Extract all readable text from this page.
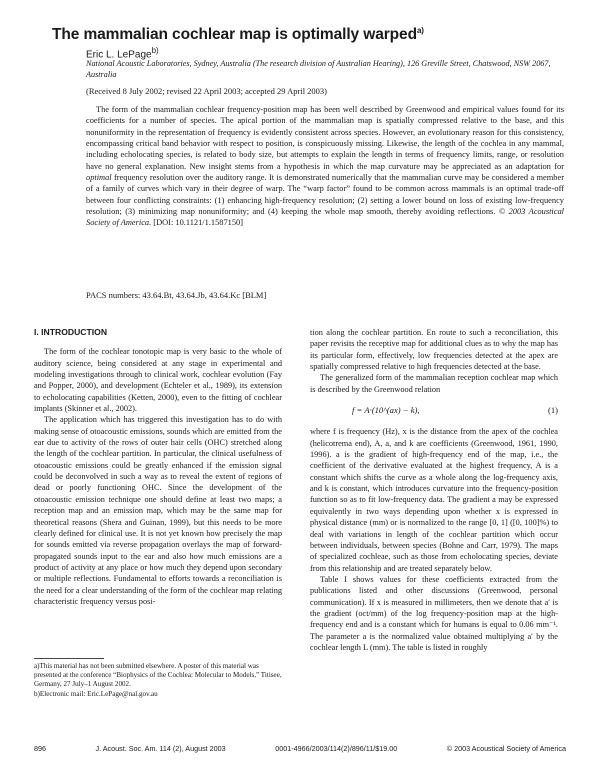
The mammalian cochlear map is optimally warped$^{a)}$
Eric L. LePage$^{b)}$
National Acoustic Laboratories, Sydney, Australia (The research division of Australian Hearing), 126 Greville Street, Chatswood, NSW 2067, Australia
(Received 8 July 2002; revised 22 April 2003; accepted 29 April 2003)
The form of the mammalian cochlear frequency-position map has been well described by Greenwood and empirical values found for its coefficients for a number of species. The apical portion of the mammalian map is spatially compressed relative to the base, and this nonuniformity in the representation of frequency is evidently consistent across species. However, an evolutionary reason for this consistency, encompassing critical band behavior with respect to position, is conspicuously missing. Likewise, the length of the cochlea in any mammal, including echolocating species, is related to body size, but attempts to explain the length in terms of frequency limits, range, or resolution have no general explanation. New insight stems from a hypothesis in which the map curvature may be appreciated as an adaptation for optimal frequency resolution over the auditory range. It is demonstrated numerically that the mammalian curve may be considered a member of a family of curves which vary in their degree of warp. The “warp factor” found to be common across mammals is an optimal trade-off between four conflicting constraints: (1) enhancing high-frequency resolution; (2) setting a lower bound on loss of existing low-frequency resolution; (3) minimizing map nonuniformity; and (4) keeping the whole map smooth, thereby avoiding reflections. © 2003 Acoustical Society of America. [DOI: 10.1121/1.1587150]
PACS numbers: 43.64.Bt, 43.64.Jb, 43.64.Kc [BLM]
I. INTRODUCTION

The form of the cochlear tonotopic map is very basic to the whole of auditory science, being considered at any stage in experimental and modeling investigations through to clinical work, cochlear evolution (Fay and Popper, 2000), and development (Echteler et al., 1989), its extension to echolocating capabilities (Ketten, 2000), even to the fitting of cochlear implants (Skinner et al., 2002).

The application which has triggered this investigation has to do with making sense of otoacoustic emissions, sounds which are emitted from the ear due to activity of the rows of outer hair cells (OHC) stretched along the length of the cochlear partition. In particular, the clinical usefulness of otoacoustic emissions could be greatly enhanced if the emission signal could be deconvolved in such a way as to reveal the extent of regions of dead or poorly functioning OHC. Since the development of the otoacoustic emission technique one should define at least two maps; a reception map and an emission map, which may be the same map for theoretical reasons (Shera and Guinan, 1999), but this needs to be more clearly defined for clinical use. It is not yet known how precisely the map for sounds emitted via reverse propagation overlays the map of forward-propagated sounds input to the ear and also how much emissions are a product of activity at any place or how much they depend upon secondary or multiple reflections. Fundamental to efforts towards a reconciliation is the need for a clear understanding of the form of the cochlear map relating characteristic frequency versus posi-

tion along the cochlear partition. En route to such a reconciliation, this paper revisits the receptive map for additional clues as to why the map has its particular form, effectively, low frequencies detected at the apex are spatially compressed relative to high frequencies detected at the base.

The generalized form of the mammalian reception cochlear map which is described by the Greenwood relation

f = A·(10^(ax) − k),	(1)

where f is frequency (Hz), x is the distance from the apex of the cochlea (helicotrema end), A, a, and k are coefficients (Greenwood, 1961, 1990, 1996). a is the gradient of high-frequency end of the map, i.e., the coefficient of the derivative evaluated at the highest frequency, A is a constant which shifts the curve as a whole along the log-frequency axis, and k is constant, which introduces curvature into the frequency-position function so as to fit low-frequency data. The gradient a may be expressed equivalently in two ways depending upon whether x is expressed in physical distance (mm) or is normalized to the range [0, 1] ([0, 100]%) to deal with variations in length of the cochlear partition which occur between individuals, between species (Bohne and Carr, 1979). The maps of specialized cochleae, such as those from echolocating species, deviate from this relationship and are treated separately below.

Table I shows values for these coefficients extracted from the publications listed and other discussions (Greenwood, personal communication). If x is measured in millimeters, then we denote that a′ is the gradient (oct/mm) of the log frequency-position map at the high-frequency end and is a constant which for humans is equal to 0.06 mm⁻¹. The parameter a is the normalized value obtained multiplying a′ by the cochlear length L (mm). The table is listed in roughly

a)This material has not been submitted elsewhere. A poster of this material was presented at the conference “Biophysics of the Cochlea: Molecular to Models,” Titisee, Germany, 27 July–1 August 2002.

b)Electronic mail: Eric.LePage@nal.gov.au

896	J. Acoust. Soc. Am. 114 (2), August 2003	0001-4966/2003/114(2)/896/11/$19.00	© 2003 Acoustical Society of America
